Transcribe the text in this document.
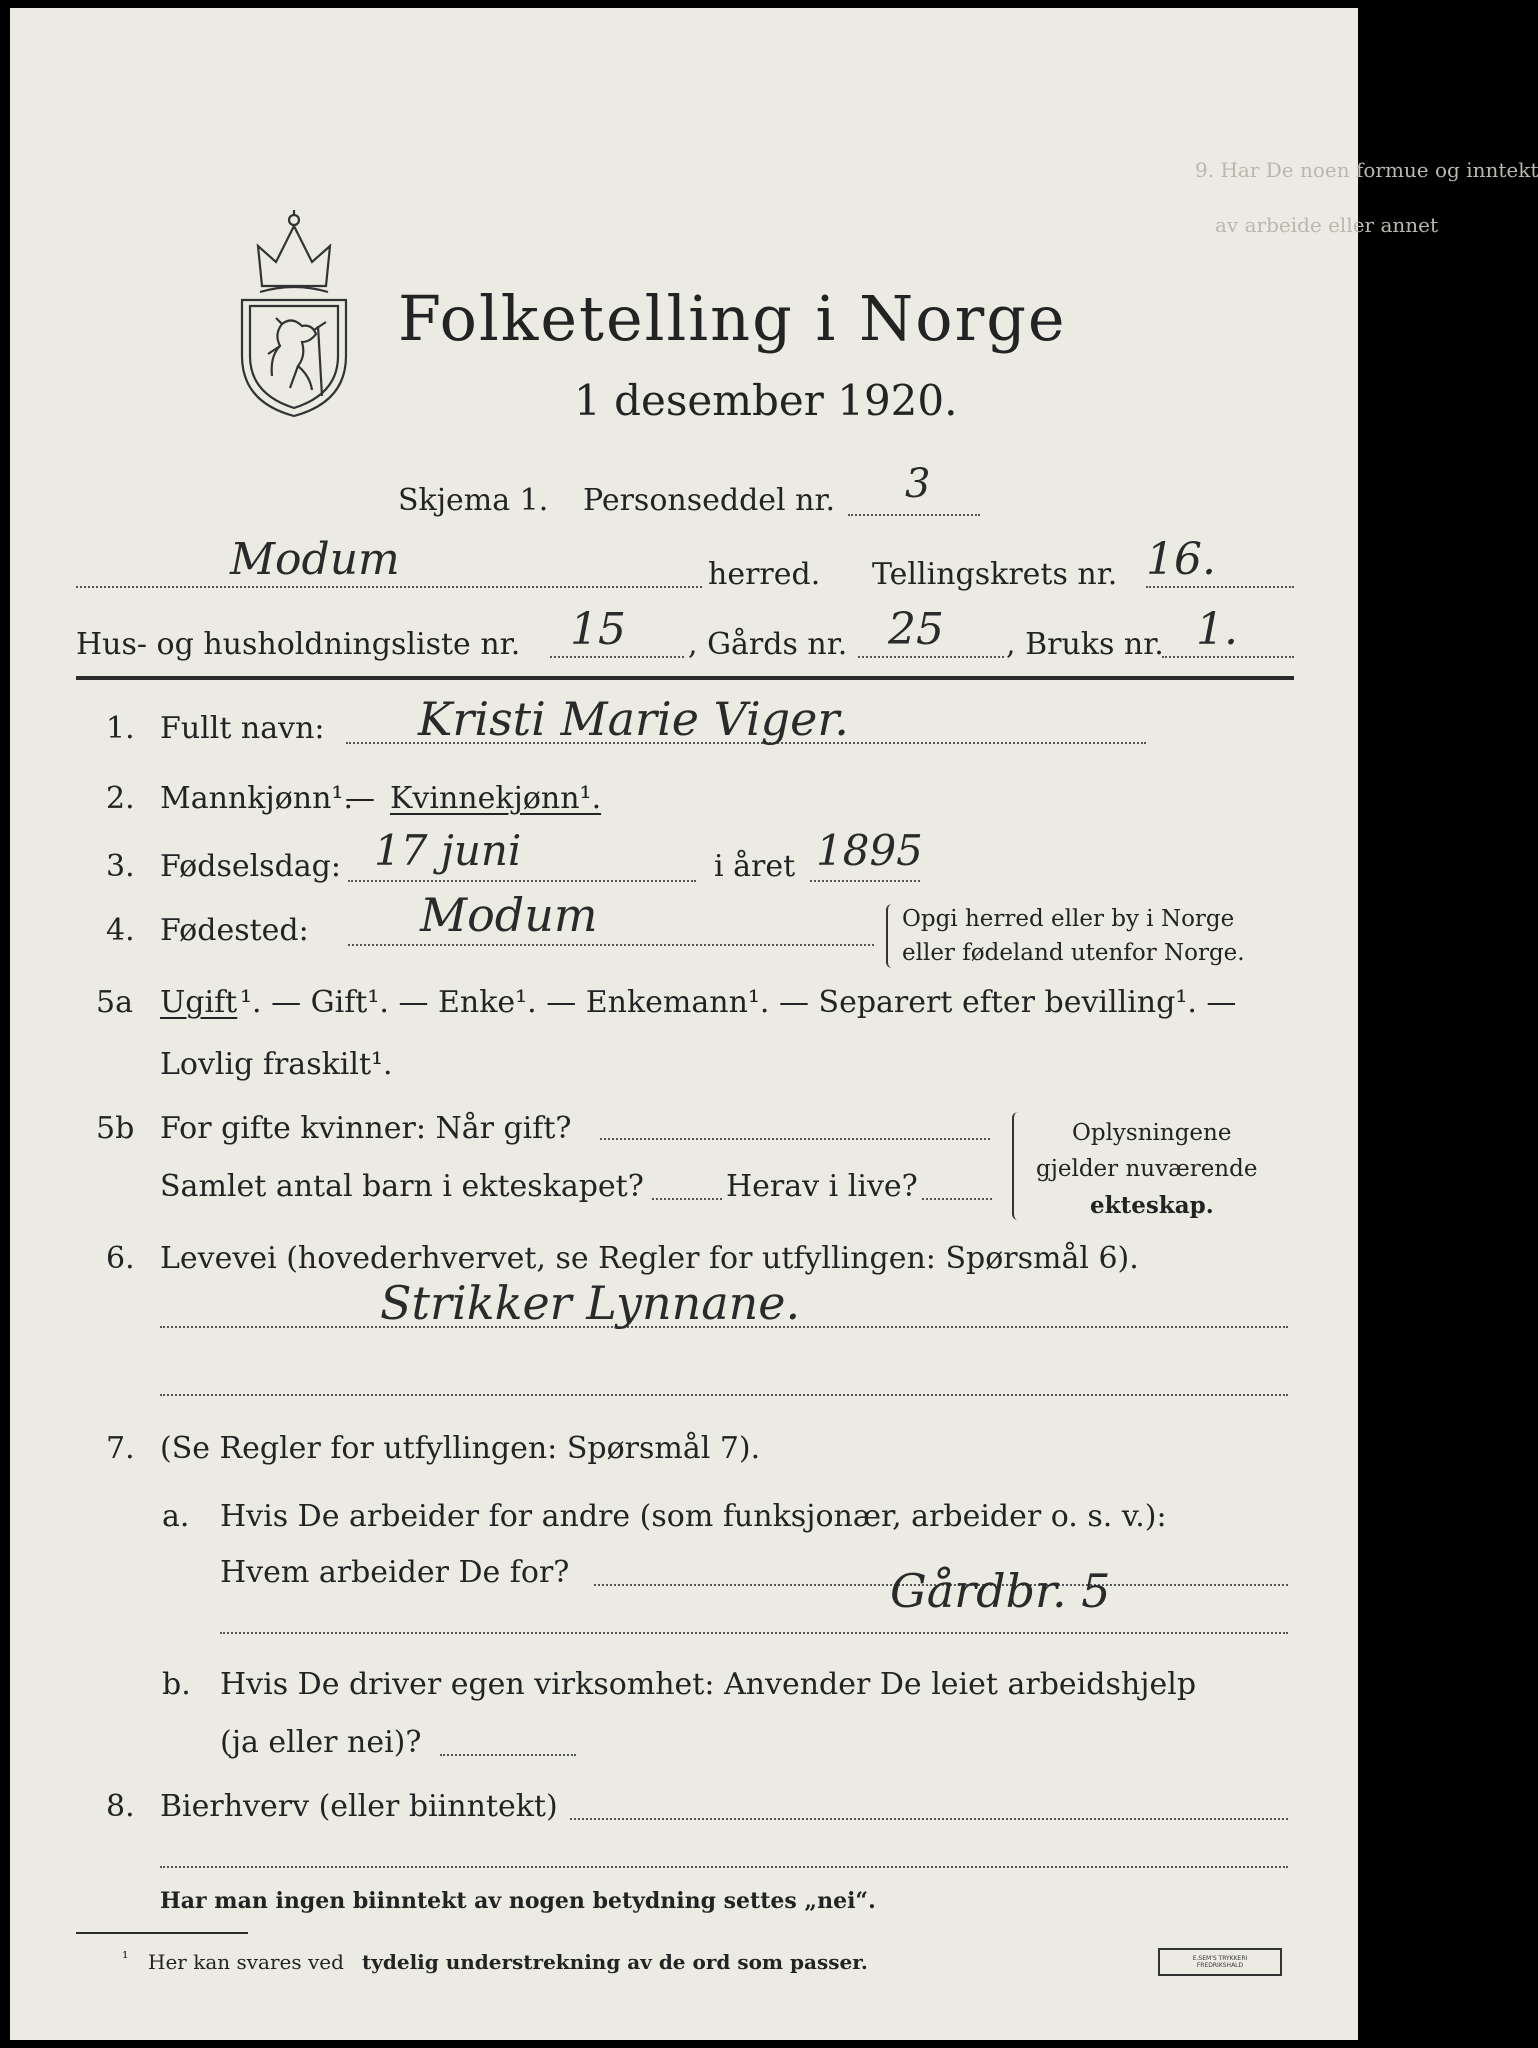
9. Har De noen formue og inntekt
av arbeide eller annet
Folketelling i Norge
1 desember 1920.
Skjema 1. Personseddel nr. 3
Modum	herred. Tellingskrets nr. 16.
Hus- og husholdningsliste nr. 15 , Gårds nr. 25 , Bruks nr. 1.
1. Fullt navn: Kristi Marie Viger.
2. Mannkjønn¹.
— Kvinnekjønn¹.
3. Fødselsdag: 17 juni	i året 1895
4. Fødested: Modum	Opgi herred eller by i Norge
eller fødeland utenfor Norge.
5a Ugift ¹. — Gift¹. — Enke¹. — Enkemann¹. — Separert efter bevilling¹. —
Lovlig fraskilt¹.
5b For gifte kvinner: Når gift?
Samlet antal barn i ekteskapet?	Herav i live?
Oplysningene
gjelder nuværende
ekteskap.
6. Levevei (hovederhvervet, se Regler for utfyllingen: Spørsmål 6).
Strikker Lynnane.
7. (Se Regler for utfyllingen: Spørsmål 7).
a. Hvis De arbeider for andre (som funksjonær, arbeider o. s. v.):
Hvem arbeider De for?	Gårdbr. 5
b. Hvis De driver egen virksomhet: Anvender De leiet arbeidshjelp
(ja eller nei)?
8. Bierhverv (eller biinntekt)
Har man ingen biinntekt av nogen betydning settes „nei“.
¹ Her kan svares ved tydelig understrekning av de ord som passer.	E.SEM'S TRYKKERI
FREDRIKSHALD
